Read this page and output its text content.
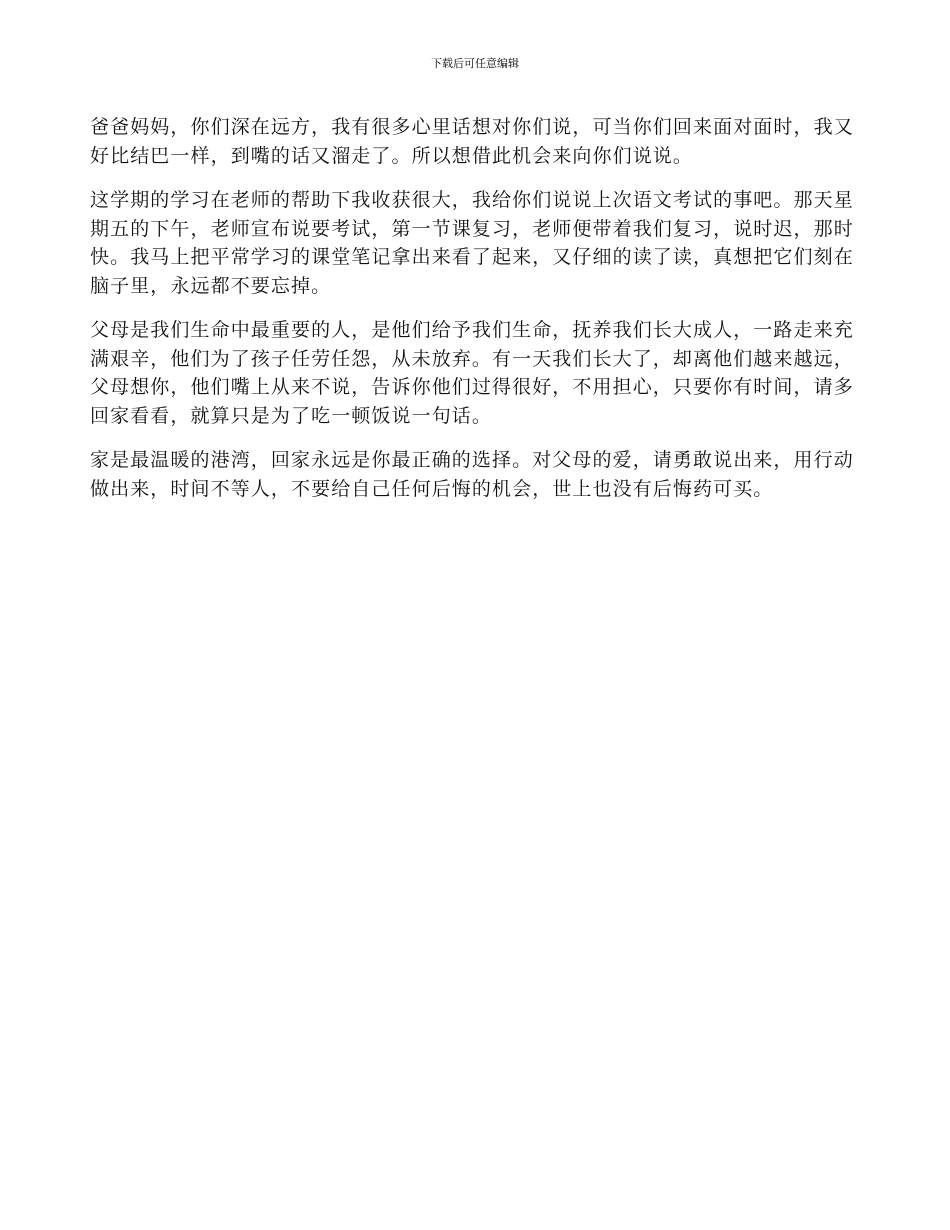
下载后可任意编辑

爸爸妈妈，你们深在远方，我有很多心里话想对你们说，可当你们回来面对面时，我又好比结巴一样，到嘴的话又溜走了。所以想借此机会来向你们说说。

这学期的学习在老师的帮助下我收获很大，我给你们说说上次语文考试的事吧。那天星期五的下午，老师宣布说要考试，第一节课复习，老师便带着我们复习，说时迟，那时快。我马上把平常学习的课堂笔记拿出来看了起来，又仔细的读了读，真想把它们刻在脑子里，永远都不要忘掉。

父母是我们生命中最重要的人，是他们给予我们生命，抚养我们长大成人，一路走来充满艰辛，他们为了孩子任劳任怨，从未放弃。有一天我们长大了，却离他们越来越远，父母想你，他们嘴上从来不说，告诉你他们过得很好，不用担心，只要你有时间，请多回家看看，就算只是为了吃一顿饭说一句话。

家是最温暖的港湾，回家永远是你最正确的选择。对父母的爱，请勇敢说出来，用行动做出来，时间不等人，不要给自己任何后悔的机会，世上也没有后悔药可买。
